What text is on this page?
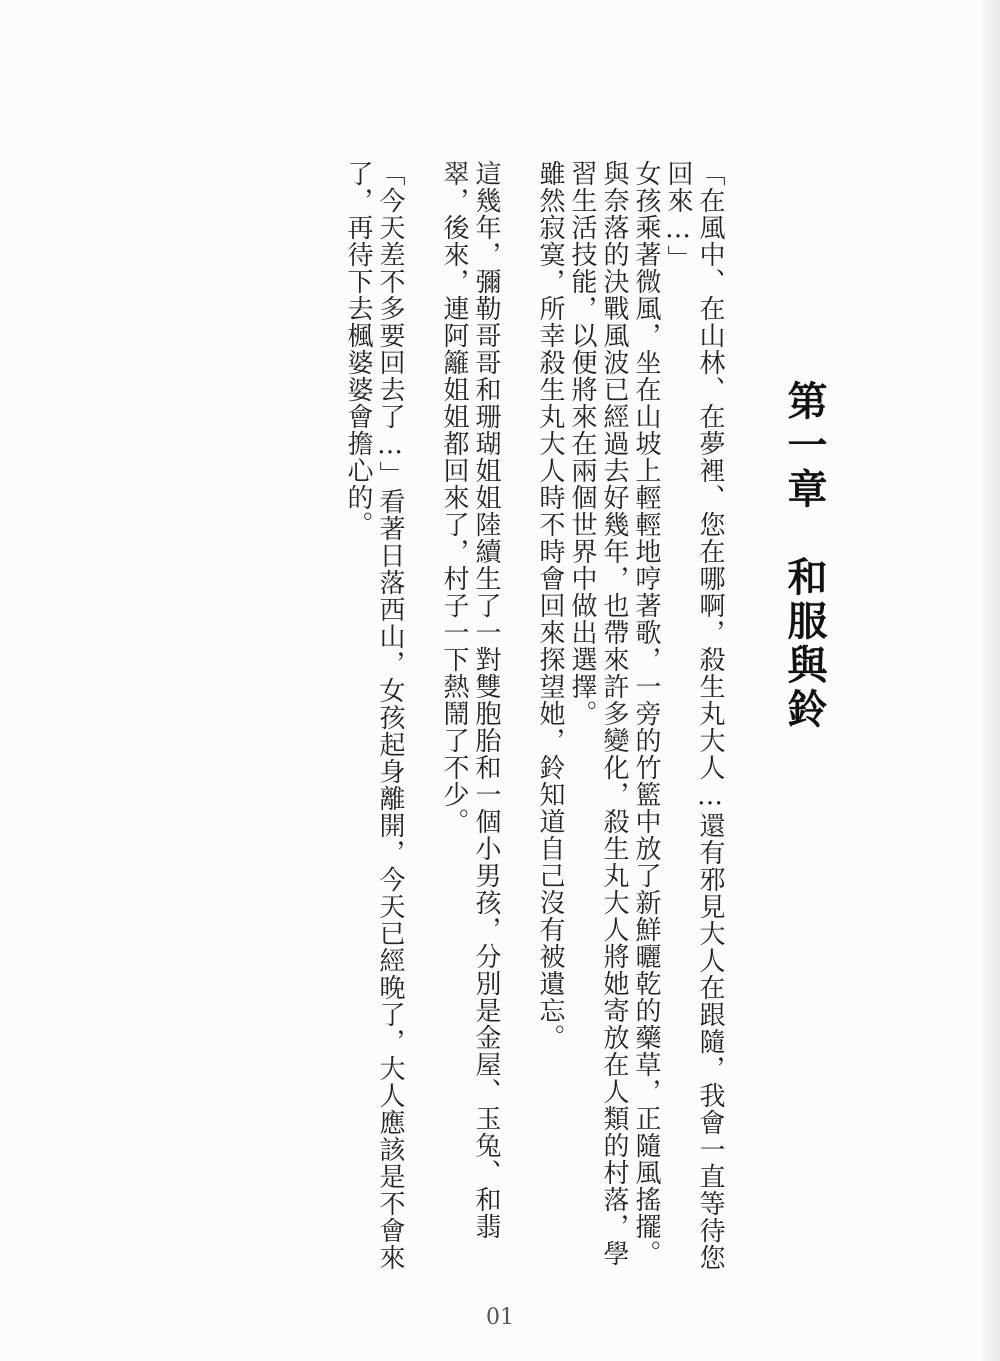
第一章　和服與鈴

「在風中、在山林、在夢裡、您在哪啊，殺生丸大人…還有邪見大人在跟隨，我會一直等待您回來…」

女孩乘著微風，坐在山坡上輕輕地哼著歌，一旁的竹籃中放了新鮮曬乾的藥草，正隨風搖擺。

與奈落的決戰風波已經過去好幾年，也帶來許多變化，殺生丸大人將她寄放在人類的村落，學習生活技能，以便將來在兩個世界中做出選擇。

雖然寂寞，所幸殺生丸大人時不時會回來探望她，鈴知道自己沒有被遺忘。

這幾年，彌勒哥哥和珊瑚姐姐陸續生了一對雙胞胎和一個小男孩，分別是金屋、玉兔、和翡翠，後來，連阿籬姐姐都回來了，村子一下熱鬧了不少。

「今天差不多要回去了…」看著日落西山，女孩起身離開，今天已經晚了，大人應該是不會來了，再待下去楓婆婆會擔心的。

01
